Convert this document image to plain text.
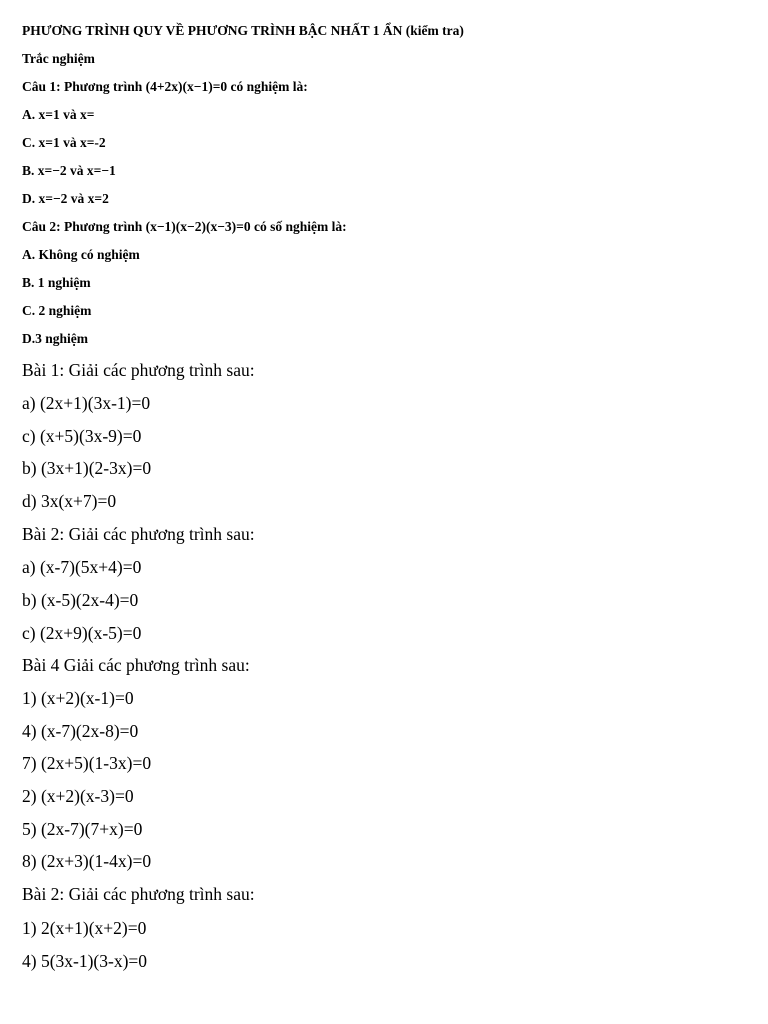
PHƯƠNG TRÌNH QUY VỀ PHƯƠNG TRÌNH BẬC NHẤT 1 ẨN (kiểm tra)
Trắc nghiệm
Câu 1: Phương trình (4+2x)(x−1)=0 có nghiệm là:
A. x=1 và x=
C. x=1 và x=-2
B. x=−2 và x=−1
D. x=−2 và x=2
Câu 2: Phương trình (x−1)(x−2)(x−3)=0 có số nghiệm là:
A. Không có nghiệm
B. 1 nghiệm
C. 2 nghiệm
D.3 nghiệm
Bài 1: Giải các phương trình sau:
a) (2x+1)(3x-1)=0
c) (x+5)(3x-9)=0
b) (3x+1)(2-3x)=0
d) 3x(x+7)=0
Bài 2: Giải các phương trình sau:
a) (x-7)(5x+4)=0
b) (x-5)(2x-4)=0
c) (2x+9)(x-5)=0
Bài 4 Giải các phương trình sau:
1) (x+2)(x-1)=0
4) (x-7)(2x-8)=0
7) (2x+5)(1-3x)=0
2) (x+2)(x-3)=0
5) (2x-7)(7+x)=0
8) (2x+3)(1-4x)=0
Bài 2: Giải các phương trình sau:
1) 2(x+1)(x+2)=0
4) 5(3x-1)(3-x)=0
